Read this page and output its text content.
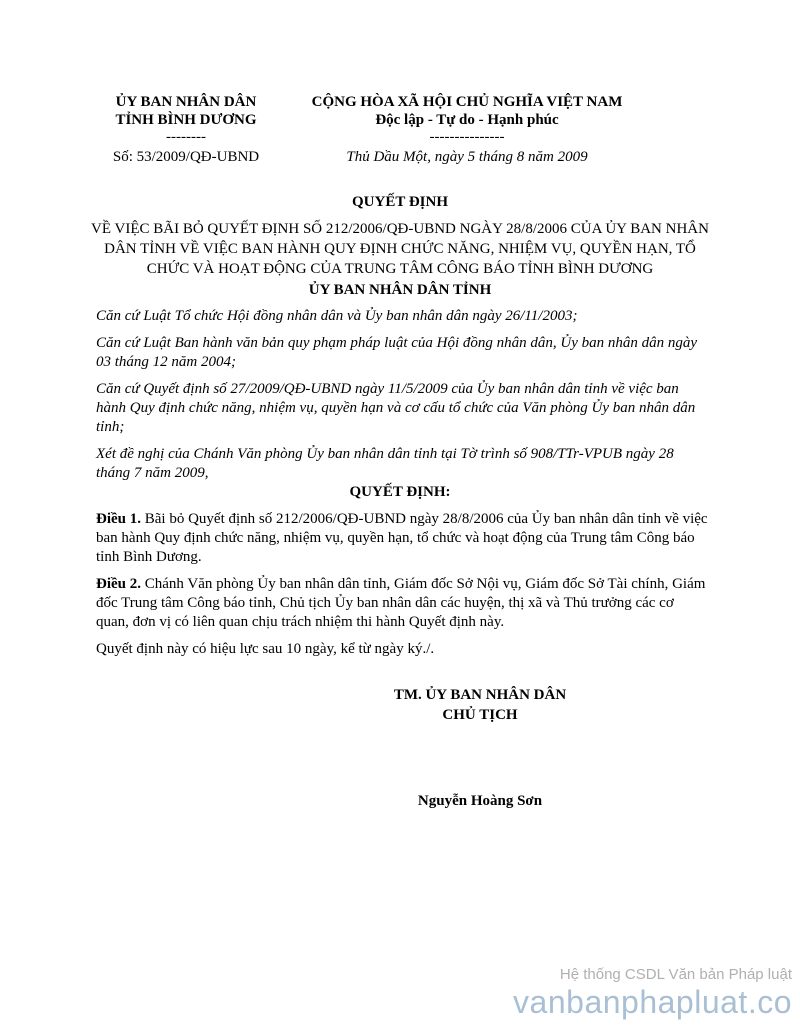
ỦY BAN NHÂN DÂN
TỈNH BÌNH DƯƠNG
--------
Số: 53/2009/QĐ-UBND
CỘNG HÒA XÃ HỘI CHỦ NGHĨA VIỆT NAM
Độc lập - Tự do - Hạnh phúc
---------------
Thủ Dầu Một, ngày 5 tháng 8 năm 2009
QUYẾT ĐỊNH
VỀ VIỆC BÃI BỎ QUYẾT ĐỊNH SỐ 212/2006/QĐ-UBND NGÀY 28/8/2006 CỦA ỦY BAN NHÂN DÂN TỈNH VỀ VIỆC BAN HÀNH QUY ĐỊNH CHỨC NĂNG, NHIỆM VỤ, QUYỀN HẠN, TỔ CHỨC VÀ HOẠT ĐỘNG CỦA TRUNG TÂM CÔNG BÁO TỈNH BÌNH DƯƠNG
ỦY BAN NHÂN DÂN TỈNH

Căn cứ Luật Tổ chức Hội đồng nhân dân và Ủy ban nhân dân ngày 26/11/2003;

Căn cứ Luật Ban hành văn bản quy phạm pháp luật của Hội đồng nhân dân, Ủy ban nhân dân ngày 03 tháng 12 năm 2004;

Căn cứ Quyết định số 27/2009/QĐ-UBND ngày 11/5/2009 của Ủy ban nhân dân tỉnh về việc ban hành Quy định chức năng, nhiệm vụ, quyền hạn và cơ cấu tổ chức của Văn phòng Ủy ban nhân dân tỉnh;

Xét đề nghị của Chánh Văn phòng Ủy ban nhân dân tỉnh tại Tờ trình số 908/TTr-VPUB ngày 28 tháng 7 năm 2009,

QUYẾT ĐỊNH:

Điều 1. Bãi bỏ Quyết định số 212/2006/QĐ-UBND ngày 28/8/2006 của Ủy ban nhân dân tỉnh về việc ban hành Quy định chức năng, nhiệm vụ, quyền hạn, tổ chức và hoạt động của Trung tâm Công báo tỉnh Bình Dương.

Điều 2. Chánh Văn phòng Ủy ban nhân dân tỉnh, Giám đốc Sở Nội vụ, Giám đốc Sở Tài chính, Giám đốc Trung tâm Công báo tỉnh, Chủ tịch Ủy ban nhân dân các huyện, thị xã và Thủ trưởng các cơ quan, đơn vị có liên quan chịu trách nhiệm thi hành Quyết định này.

Quyết định này có hiệu lực sau 10 ngày, kể từ ngày ký./.

TM. ỦY BAN NHÂN DÂN
CHỦ TỊCH
Nguyễn Hoàng Sơn
Hệ thống CSDL Văn bản Pháp luật
vanbanphapluat.co
